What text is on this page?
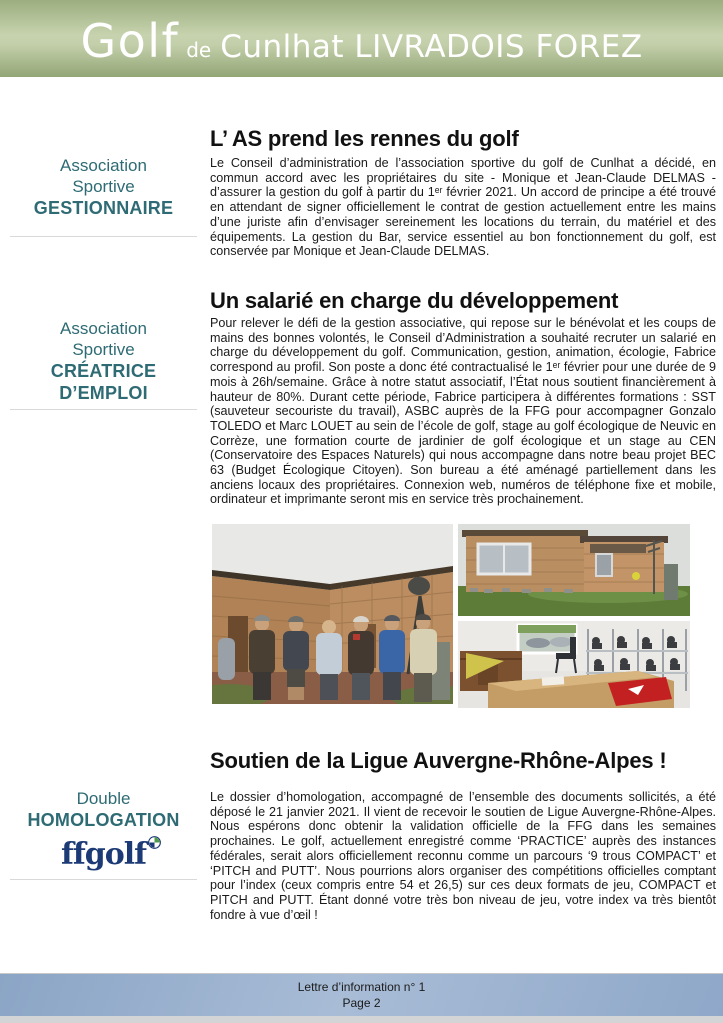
Golf de Cunlhat LIVRADOIS FOREZ
Association
Sportive
GESTIONNAIRE
L’ AS prend les rennes du golf

Le Conseil d’administration de l’association sportive du golf de Cunlhat a décidé, en commun accord avec les propriétaires du site - Monique et Jean-Claude DELMAS - d’assurer la gestion du golf à partir du 1ᵉʳ février 2021. Un accord de principe a été trouvé en attendant de signer officiellement le contrat de gestion actuellement entre les mains d’une juriste afin d’envisager sereinement les locations du terrain, du matériel et des équipements. La gestion du Bar, service essentiel au bon fonctionnement du golf, est conservée par Monique et Jean-Claude DELMAS.

Association
Sportive
CRÉATRICE
D’EMPLOI
Un salarié en charge du développement

Pour relever le défi de la gestion associative, qui repose sur le bénévolat et les coups de mains des bonnes volontés, le Conseil d’Administration a souhaité recruter un salarié en charge du développement du golf. Communication, gestion, animation, écologie, Fabrice correspond au profil. Son poste a donc été contractualisé le 1ᵉʳ février pour une durée de 9 mois à 26h/semaine. Grâce à notre statut associatif, l’État nous soutient financièrement à hauteur de 80%. Durant cette période, Fabrice participera à différentes formations : SST (sauveteur secouriste du travail), ASBC auprès de la FFG pour accompagner Gonzalo TOLEDO et Marc LOUET au sein de l’école de golf, stage au golf écologique de Neuvic en Corrèze, une formation courte de jardinier de golf écologique et un stage au CEN (Conservatoire des Espaces Naturels) qui nous accompagne dans notre beau projet BEC 63 (Budget Écologique Citoyen). Son bureau a été aménagé partiellement dans les anciens locaux des propriétaires. Connexion web, numéros de téléphone fixe et mobile, ordinateur et imprimante seront mis en service très prochainement.

Double
HOMOLOGATION
ffgolf
Soutien de la Ligue Auvergne-Rhône-Alpes !

Le dossier d’homologation, accompagné de l’ensemble des documents sollicités, a été déposé le 21 janvier 2021. Il vient de recevoir le soutien de Ligue Auvergne-Rhône-Alpes. Nous espérons donc obtenir la validation officielle de la FFG dans les semaines prochaines. Le golf, actuellement enregistré comme ‘PRACTICE’ auprès des instances fédérales, serait alors officiellement reconnu comme un parcours ‘9 trous COMPACT’ et ‘PITCH and PUTT’. Nous pourrions alors organiser des compétitions officielles comptant pour l’index (ceux compris entre 54 et 26,5) sur ces deux formats de jeu, COMPACT et PITCH and PUTT. Étant donné votre très bon niveau de jeu, votre index va très bientôt fondre à vue d’œil !

Lettre d’information n° 1
Page 2
